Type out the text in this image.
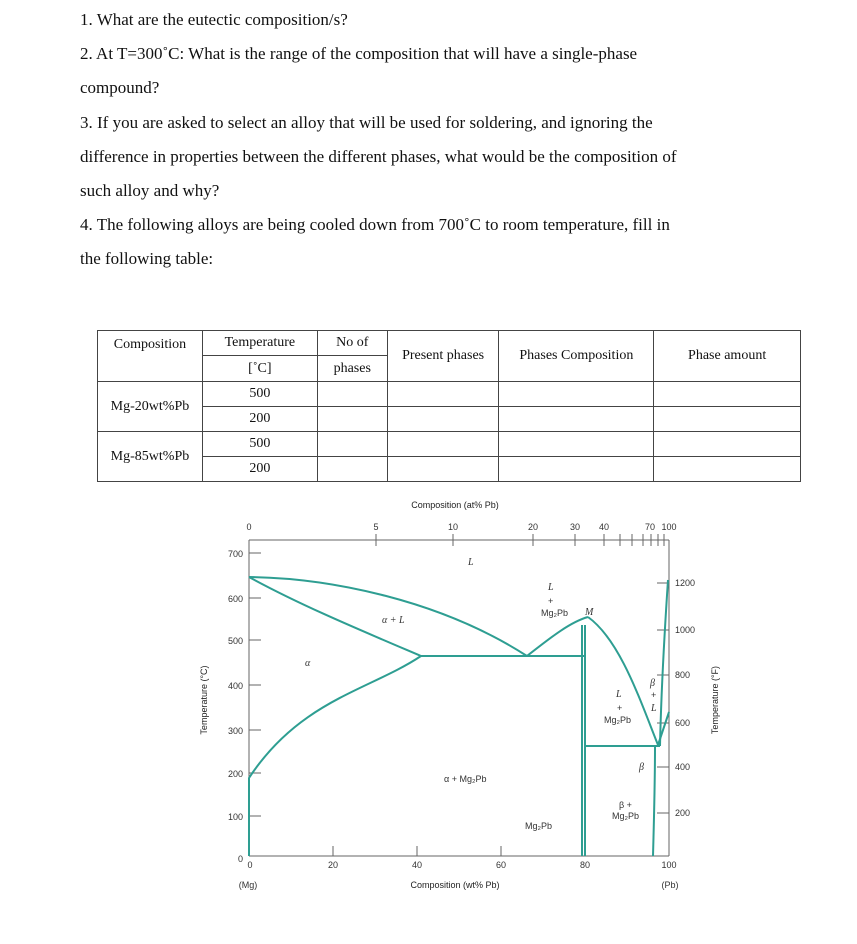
1. What are the eutectic composition/s?
2. At T=300˚C: What is the range of the composition that will have a single-phase
compound?
3. If you are asked to select an alloy that will be used for soldering, and ignoring the
difference in properties between the different phases, what would be the composition of
such alloy and why?
4. The following alloys are being cooled down from 700˚C to room temperature, fill in
the following table:
Composition	Temperature	No of	Present phases	Phases Composition	Phase amount
	[˚C]	phases			
Mg-20wt%Pb	500				
	200				
Mg-85wt%Pb	500				
	200				
Composition (at% Pb)
0	5	10	20	30 40	70 100
700
600
500
400
300
200
100
0
Temperature (°C)
1200
1000
800
600
400
200
Temperature (°F)
0	20	40	60	80	100
(Mg)	(Pb)
Composition (wt% Pb)
L
α + L
α
L
+
Mg₂Pb M
L
+
Mg₂Pb
β
+
L
β
α + Mg₂Pb
Mg₂Pb
β +
Mg₂Pb
